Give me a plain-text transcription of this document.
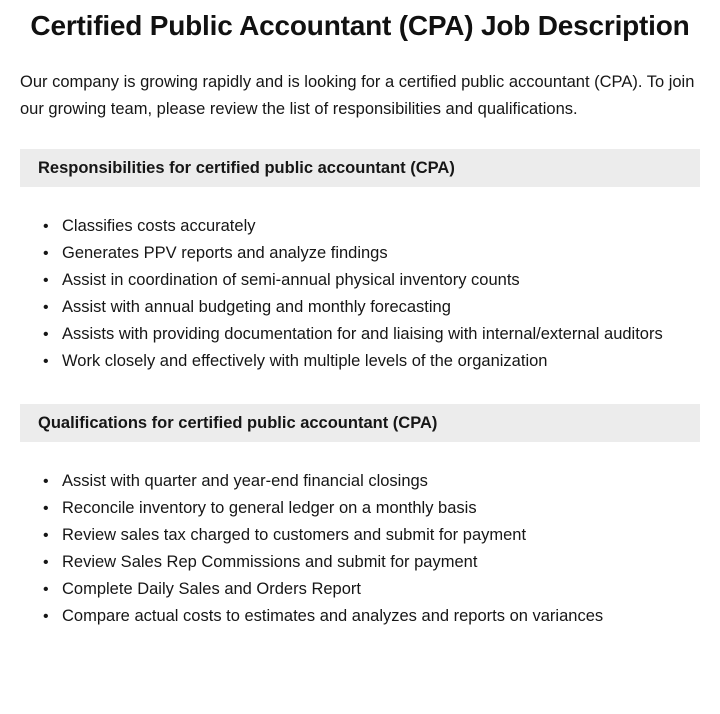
Certified Public Accountant (CPA) Job Description

Our company is growing rapidly and is looking for a certified public accountant (CPA). To join our growing team, please review the list of responsibilities and qualifications.

Responsibilities for certified public accountant (CPA)
• Classifies costs accurately
• Generates PPV reports and analyze findings
• Assist in coordination of semi-annual physical inventory counts
• Assist with annual budgeting and monthly forecasting
• Assists with providing documentation for and liaising with internal/external auditors
• Work closely and effectively with multiple levels of the organization
Qualifications for certified public accountant (CPA)
• Assist with quarter and year-end financial closings
• Reconcile inventory to general ledger on a monthly basis
• Review sales tax charged to customers and submit for payment
• Review Sales Rep Commissions and submit for payment
• Complete Daily Sales and Orders Report
• Compare actual costs to estimates and analyzes and reports on variances
